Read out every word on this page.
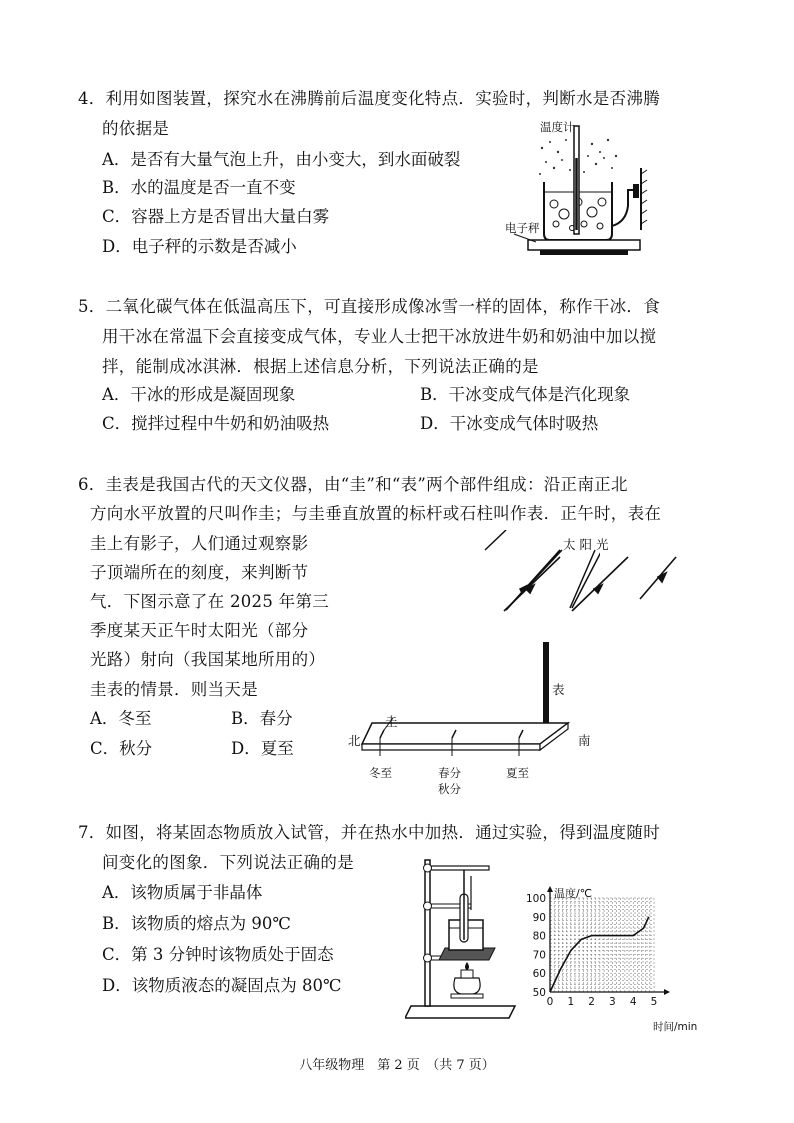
4．利用如图装置，探究水在沸腾前后温度变化特点．实验时，判断水是否沸腾
的依据是
A．是否有大量气泡上升，由小变大，到水面破裂
B．水的温度是否一直不变
C．容器上方是否冒出大量白雾
D．电子秤的示数是否减小
温度计
电子秤
5．二氧化碳气体在低温高压下，可直接形成像冰雪一样的固体，称作干冰．食
用干冰在常温下会直接变成气体，专业人士把干冰放进牛奶和奶油中加以搅
拌，能制成冰淇淋．根据上述信息分析，下列说法正确的是
A．干冰的形成是凝固现象	B．干冰变成气体是汽化现象
C．搅拌过程中牛奶和奶油吸热	D．干冰变成气体时吸热
6．圭表是我国古代的天文仪器，由“圭”和“表”两个部件组成：沿正南正北
方向水平放置的尺叫作圭；与圭垂直放置的标杆或石柱叫作表．正午时，表在
圭上有影子，人们通过观察影
子顶端所在的刻度，来判断节
气．下图示意了在 2025 年第三
季度某天正午时太阳光（部分
光路）射向（我国某地所用的）
圭表的情景．则当天是
A．冬至	B．春分
C．秋分	D．夏至
太 阳 光
表
圭
北	南
冬至	春分
秋分
夏至
7．如图，将某固态物质放入试管，并在热水中加热．通过实验，得到温度随时
间变化的图象．下列说法正确的是
A．该物质属于非晶体
B．该物质的熔点为 90℃
C．第 3 分钟时该物质处于固态
D．该物质液态的凝固点为 80℃	50
60
70
80
90
100
0 1 2 3 4 5
温度/℃
时间/min
八年级物理　第 2 页　（共 7 页）
